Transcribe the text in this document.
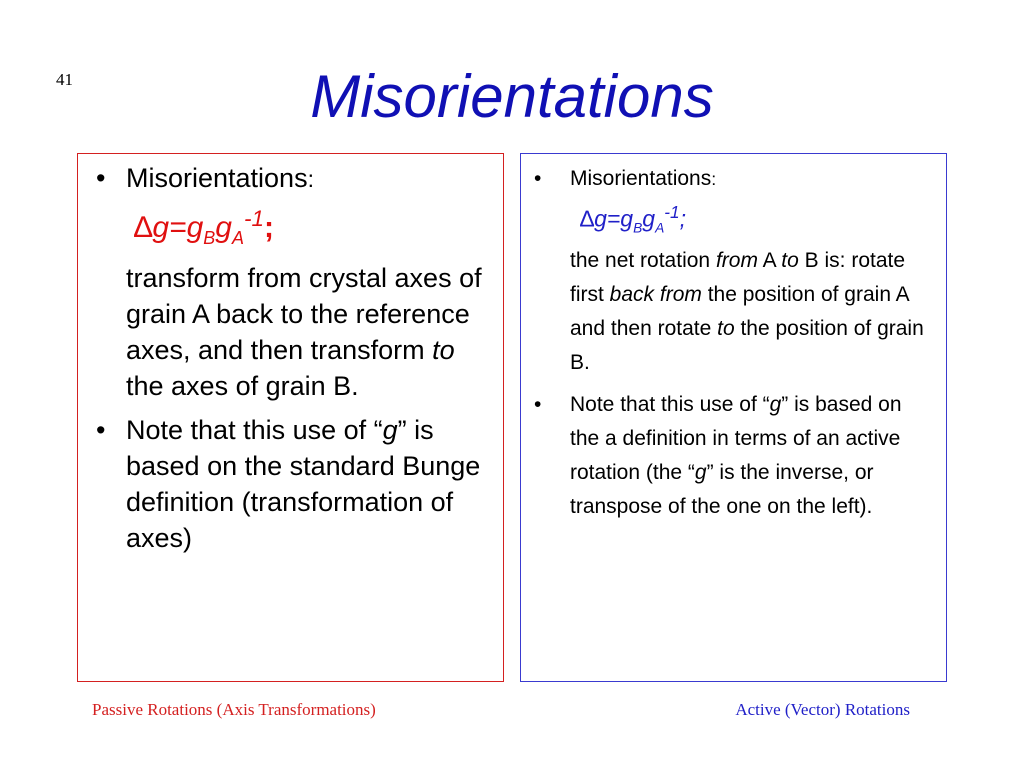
41	Misorientations
• Misorientations:
$\Delta g=g_Bg_A^{-1}$;
transform from crystal axes of grain A back to the reference axes, and then transform to the axes of grain B.
• Note that this use of “g” is based on the standard Bunge definition (transformation of axes)
• Misorientations:
$\Delta g=g_Bg_A^{-1}$;
the net rotation from A to B is: rotate first back from the position of grain A and then rotate to the position of grain B.
• Note that this use of “g” is based on the a definition in terms of an active rotation (the “g” is the inverse, or transpose of the one on the left).
Passive Rotations (Axis Transformations)	Active (Vector) Rotations
